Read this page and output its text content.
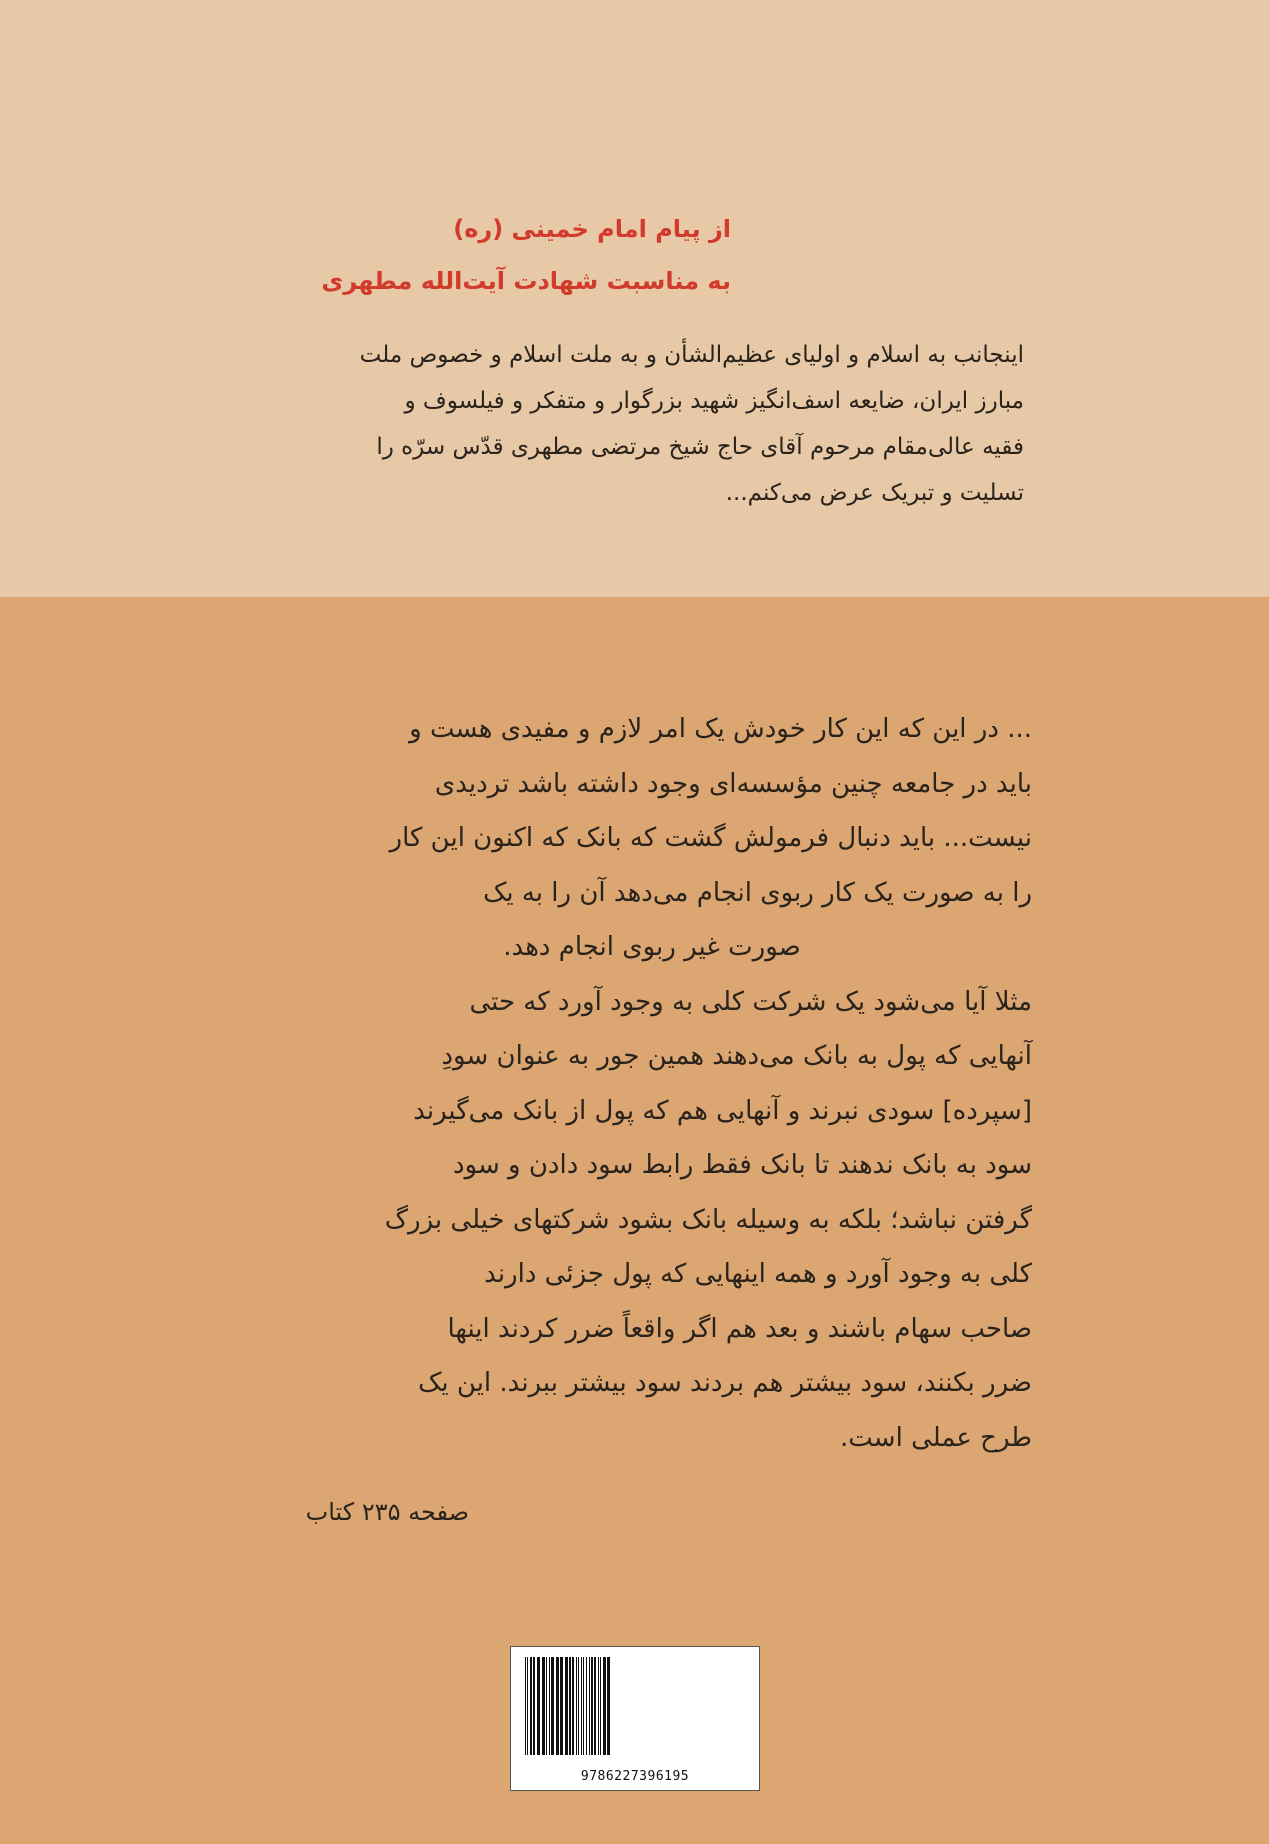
از پیام امام خمینی (ره)
به مناسبت شهادت آیت‌الله مطهری
اینجانب به اسلام و اولیای عظیم‌الشأن و به ملت اسلام و خصوص ملت
مبارز ایران، ضایعه اسف‌انگیز شهید بزرگوار و متفکر و فیلسوف و
فقیه عالی‌مقام مرحوم آقای حاج شیخ مرتضی مطهری قدّس سرّه را
تسلیت و تبریک عرض می‌کنم...
... در این که این کار خودش یک امر لازم و مفیدی هست و
باید در جامعه چنین مؤسسه‌ای وجود داشته باشد تردیدی
نیست... باید دنبال فرمولش گشت که بانک که اکنون این کار
را به صورت یک کار ربوی انجام می‌دهد آن را به یک
صورت غیر ربوی انجام دهد.
مثلا آیا می‌شود یک شرکت کلی به وجود آورد که حتی
آنهایی که پول به بانک می‌دهند همین جور به عنوان سودِ
[سپرده] سودی نبرند و آنهایی هم که پول از بانک می‌گیرند
سود به بانک ندهند تا بانک فقط رابط سود دادن و سود
گرفتن نباشد؛ بلکه به وسیله بانک بشود شرکتهای خیلی بزرگ
کلی به وجود آورد و همه اینهایی که پول جزئی دارند
صاحب سهام باشند و بعد هم اگر واقعاً ضرر کردند اینها
ضرر بکنند، سود بیشتر هم بردند سود بیشتر ببرند. این یک
طرح عملی است.
صفحه ۲۳۵ کتاب
9786227396195
